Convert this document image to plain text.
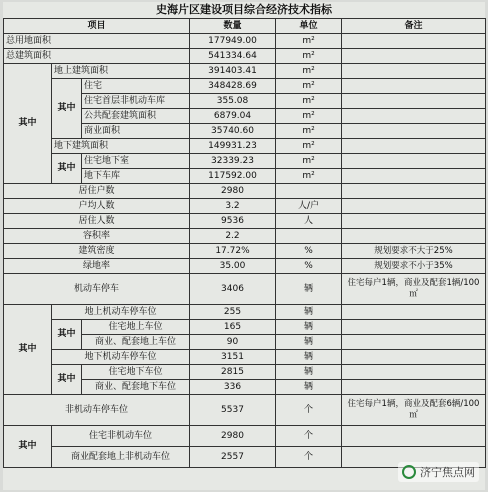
史海片区建设项目综合经济技术指标
项目			数量	单位	备注
总用地面积			177949.00	m²	
总建筑面积			541334.64	m²	
其中	地上建筑面积		391403.41	m²	
	其中	住宅	348428.69	m²	
		住宅首层非机动车库	355.08	m²	
		公共配套建筑面积	6879.04	m²	
		商业面积	35740.60	m²	
	地下建筑面积		149931.23	m²	
	其中	住宅地下室	32339.23	m²	
		地下车库	117592.00	m²	
居住户数			2980		
户均人数			3.2	人/户	
居住人数			9536	人	
容积率			2.2		
建筑密度			17.72%	%	规划要求不大于25%
绿地率			35.00	%	规划要求不小于35%
机动车停车			3406	辆	住宅每户1辆，商业及配套1辆/100㎡
其中	地上机动车停车位		255	辆	
	其中	住宅地上车位	165	辆	
		商业、配套地上车位	90	辆	
	地下机动车停车位		3151	辆	
	其中	住宅地下车位	2815	辆	
		商业、配套地下车位	336	辆	
非机动车停车位			5537	个	住宅每户1辆，商业及配套6辆/100㎡
其中	住宅非机动车位		2980	个	
	商业配套地上非机动车位		2557	个	
济宁焦点网
